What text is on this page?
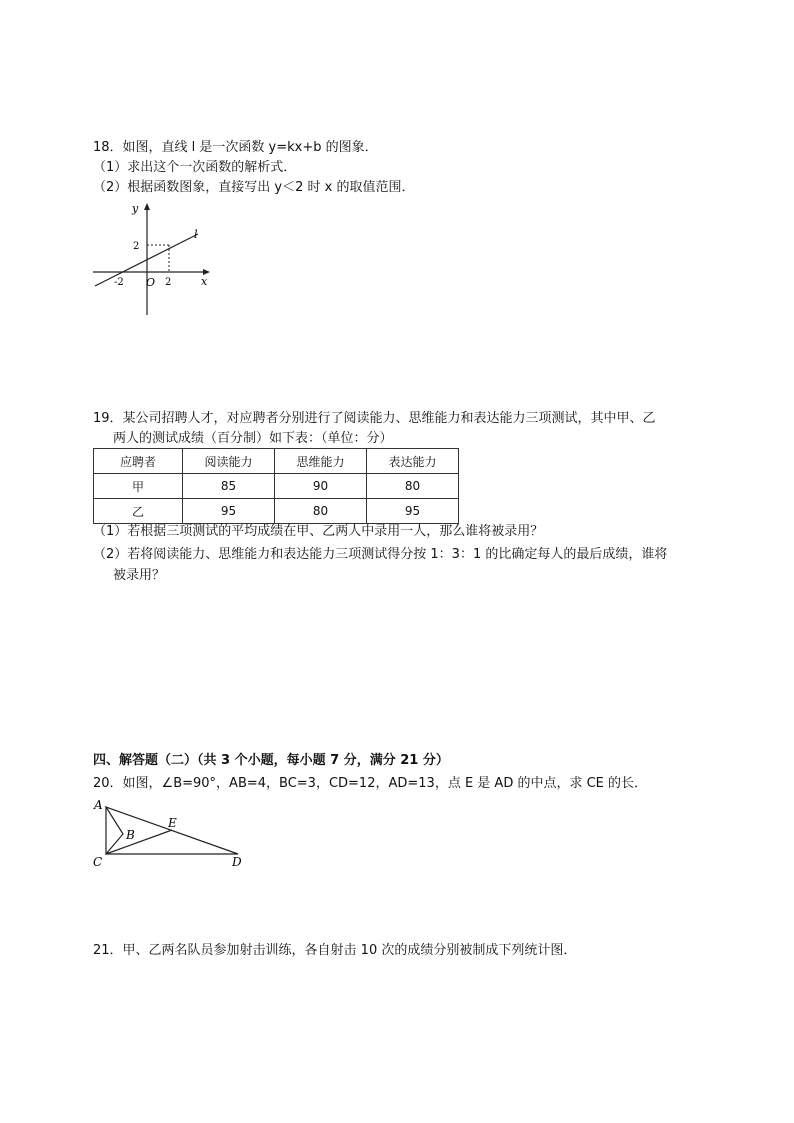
18．如图，直线 l 是一次函数 y=kx+b 的图象．
（1）求出这个一次函数的解析式．
（2）根据函数图象，直接写出 y＜2 时 x 的取值范围．
y
x
l
2
-2 O 2
19．某公司招聘人才，对应聘者分别进行了阅读能力、思维能力和表达能力三项测试，其中甲、乙
两人的测试成绩（百分制）如下表：（单位：分）
应聘者	阅读能力	思维能力	表达能力
甲	85	90	80
乙	95	80	95
（1）若根据三项测试的平均成绩在甲、乙两人中录用一人，那么谁将被录用？
（2）若将阅读能力、思维能力和表达能力三项测试得分按 1：3：1 的比确定每人的最后成绩，谁将
被录用？
四、解答题（二）（共 3 个小题，每小题 7 分，满分 21 分）
20．如图，∠B=90°，AB=4，BC=3，CD=12，AD=13，点 E 是 AD 的中点，求 CE 的长．
A
B
C	D
E
21．甲、乙两名队员参加射击训练，各自射击 10 次的成绩分别被制成下列统计图．
